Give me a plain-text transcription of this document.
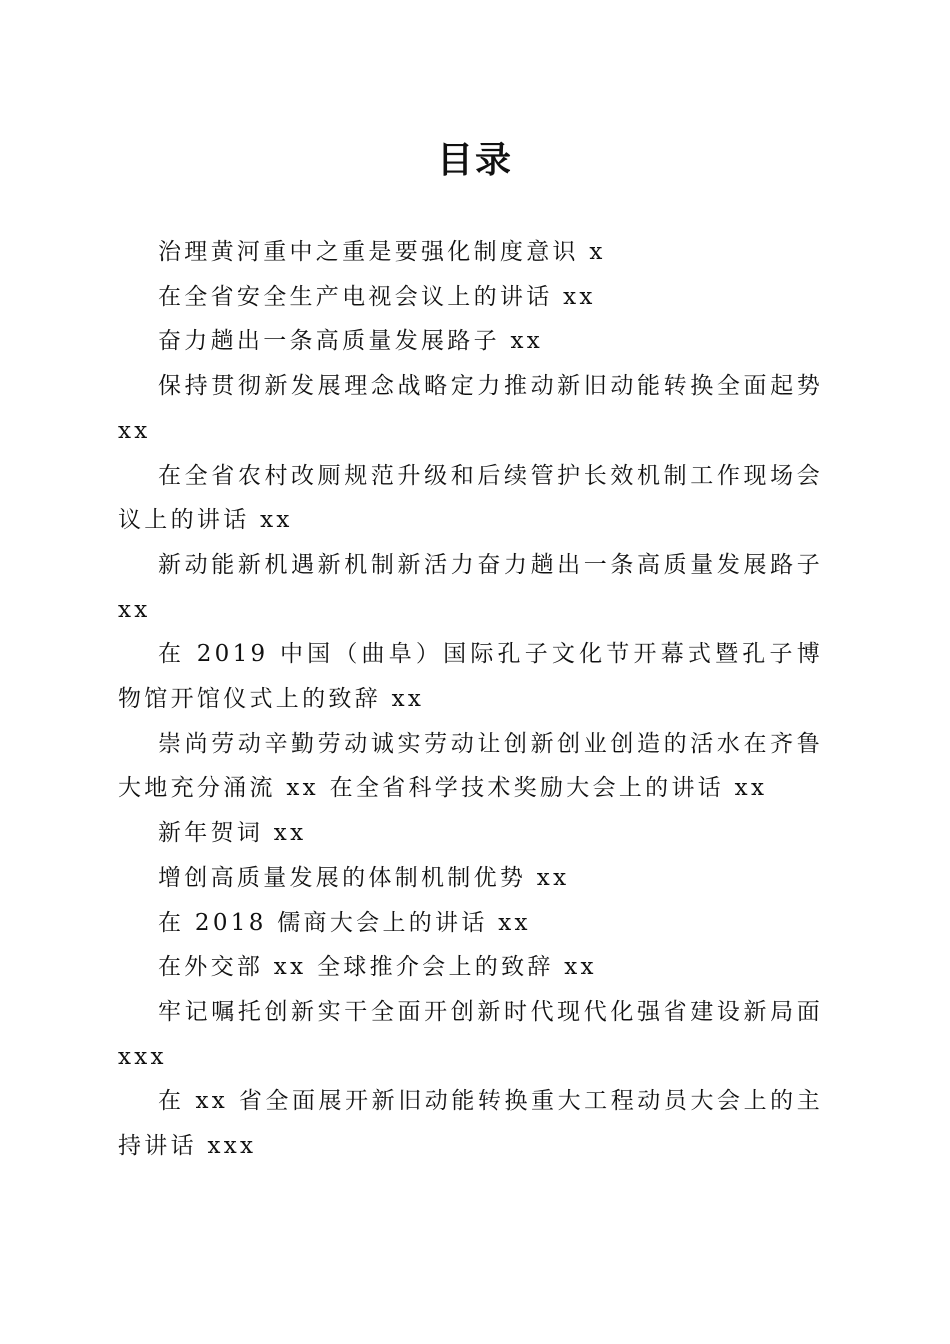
目录
治理黄河重中之重是要强化制度意识 x
在全省安全生产电视会议上的讲话 xx
奋力趟出一条高质量发展路子 xx
保持贯彻新发展理念战略定力推动新旧动能转换全面起势 xx
在全省农村改厕规范升级和后续管护长效机制工作现场会议上的讲话 xx
新动能新机遇新机制新活力奋力趟出一条高质量发展路子 xx
在 2019 中国（曲阜）国际孔子文化节开幕式暨孔子博物馆开馆仪式上的致辞 xx
崇尚劳动辛勤劳动诚实劳动让创新创业创造的活水在齐鲁大地充分涌流 xx 在全省科学技术奖励大会上的讲话 xx
新年贺词 xx
增创高质量发展的体制机制优势 xx
在 2018 儒商大会上的讲话 xx
在外交部 xx 全球推介会上的致辞 xx
牢记嘱托创新实干全面开创新时代现代化强省建设新局面 xxx
在 xx 省全面展开新旧动能转换重大工程动员大会上的主持讲话 xxx
